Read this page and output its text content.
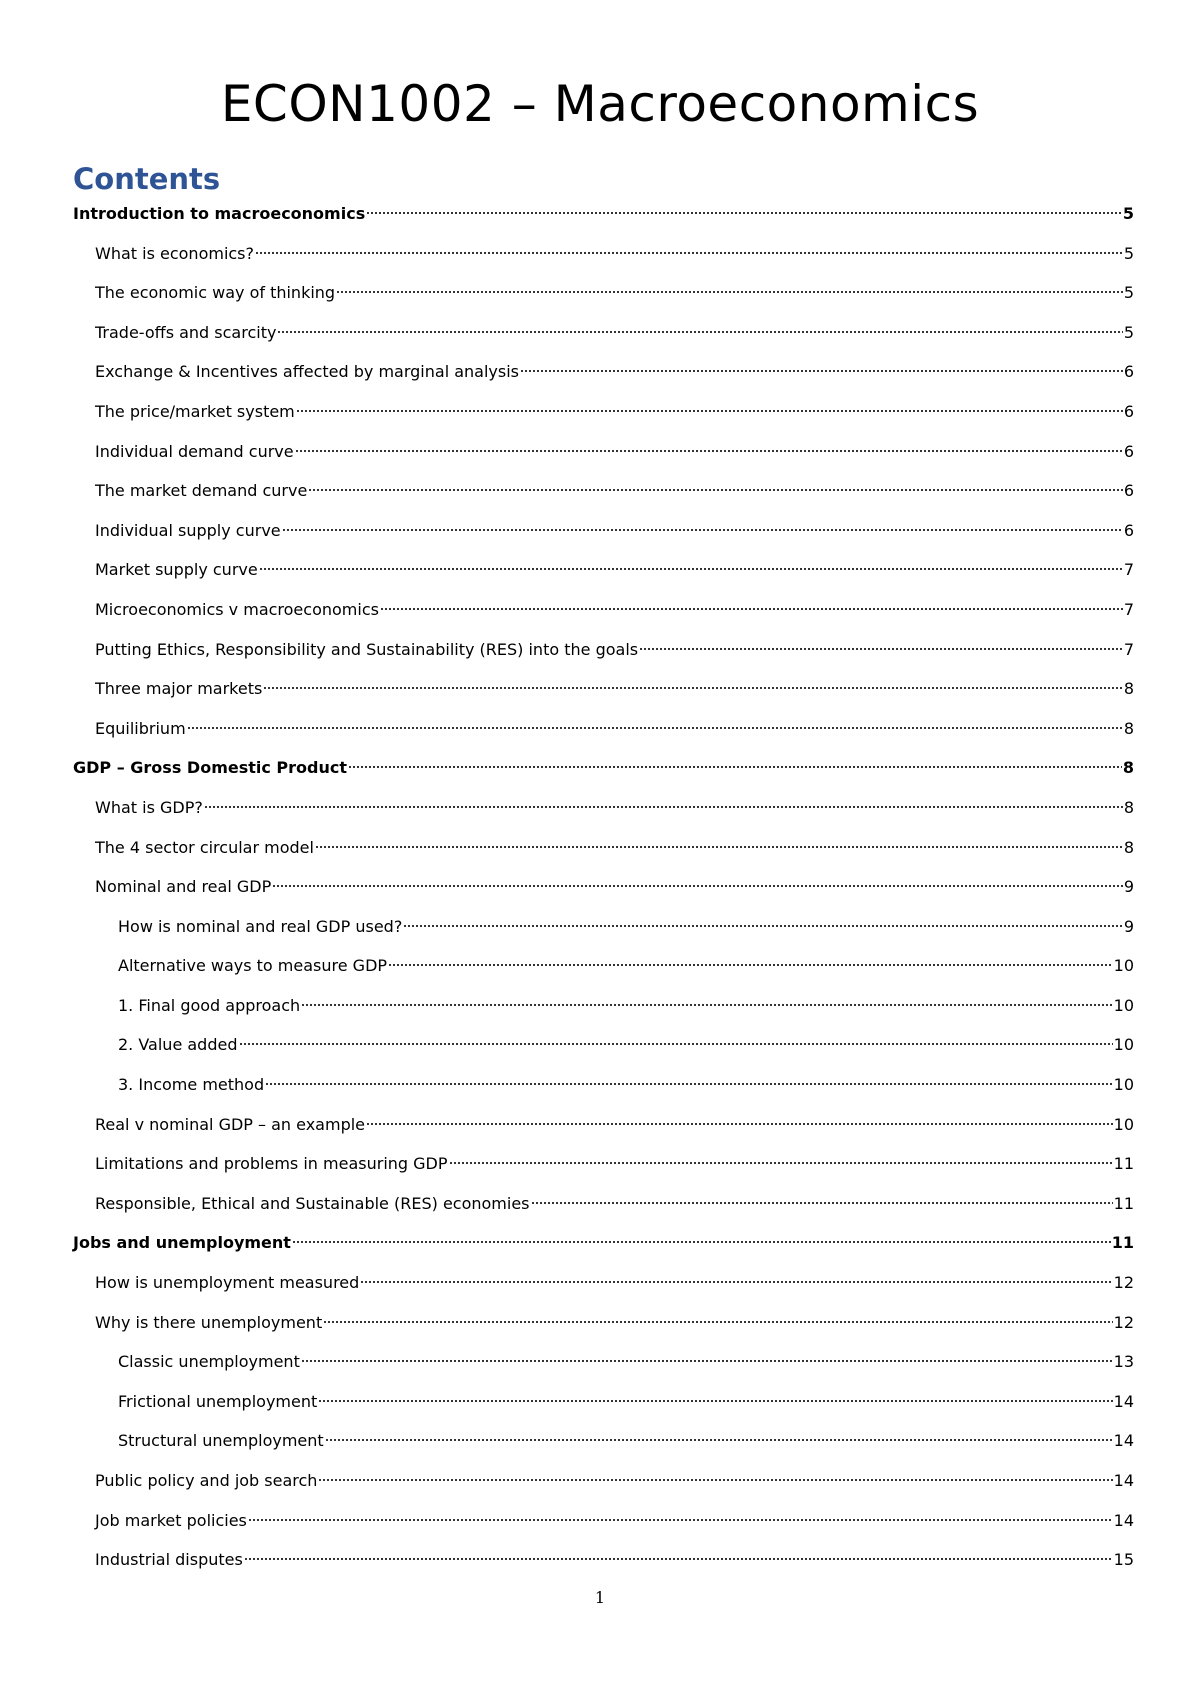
ECON1002 – Macroeconomics
Contents
Introduction to macroeconomics	5
What is economics?	5
The economic way of thinking	5
Trade-offs and scarcity	5
Exchange & Incentives affected by marginal analysis	6
The price/market system	6
Individual demand curve	6
The market demand curve	6
Individual supply curve	6
Market supply curve	7
Microeconomics v macroeconomics	7
Putting Ethics, Responsibility and Sustainability (RES) into the goals	7
Three major markets	8
Equilibrium	8
GDP – Gross Domestic Product	8
What is GDP?	8
The 4 sector circular model	8
Nominal and real GDP	9
How is nominal and real GDP used?	9
Alternative ways to measure GDP	10
1. Final good approach	10
2. Value added	10
3. Income method	10
Real v nominal GDP – an example	10
Limitations and problems in measuring GDP	11
Responsible, Ethical and Sustainable (RES) economies	11
Jobs and unemployment	11
How is unemployment measured	12
Why is there unemployment	12
Classic unemployment	13
Frictional unemployment	14
Structural unemployment	14
Public policy and job search	14
Job market policies	14
Industrial disputes	15
1
